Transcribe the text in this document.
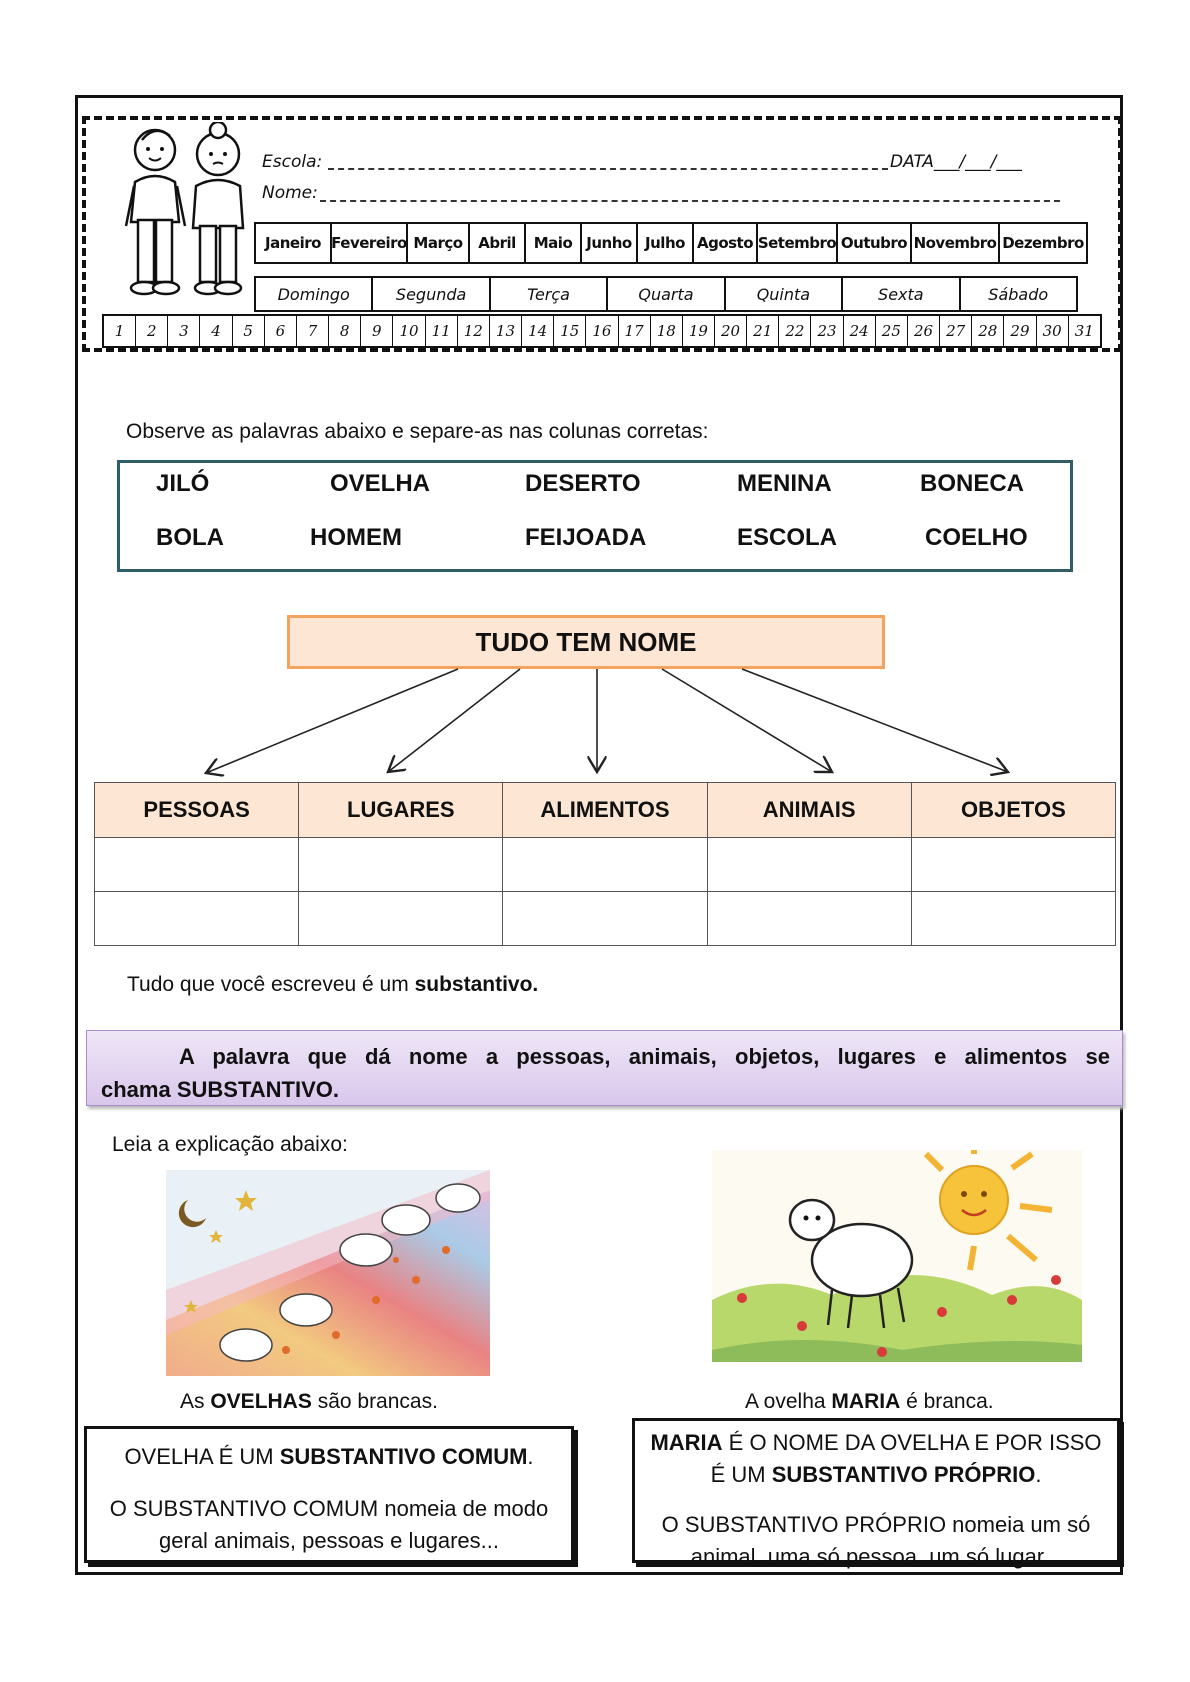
Escola:	DATA___/___/___
Nome:
Janeiro Fevereiro Março	Abril	Maio Junho Julho Agosto Setembro Outubro Novembro Dezembro
Domingo	Segunda	Terça	Quarta	Quinta	Sexta	Sábado
1	2	3	4	5	6	7	8	9	10 11 12 13 14 15 16 17 18 19 20 21 22 23 24 25 26 27 28 29 30 31
Observe as palavras abaixo e separe-as nas colunas corretas:
JILÓ	OVELHA	DESERTO	MENINA	BONECA
BOLA	HOMEM	FEIJOADA	ESCOLA	COELHO
TUDO TEM NOME
PESSOAS	LUGARES	ALIMENTOS	ANIMAIS	OBJETOS

Tudo que você escreveu é um substantivo.
A palavra que dá nome a pessoas, animais, objetos, lugares e alimentos se
chama SUBSTANTIVO.
Leia a explicação abaixo:
As OVELHAS são brancas.	A ovelha MARIA é branca.

OVELHA É UM SUBSTANTIVO COMUM.

O SUBSTANTIVO COMUM nomeia de modo geral animais, pessoas e lugares...

MARIA É O NOME DA OVELHA E POR ISSO É UM SUBSTANTIVO PRÓPRIO.

O SUBSTANTIVO PRÓPRIO nomeia um só animal, uma só pessoa, um só lugar...
